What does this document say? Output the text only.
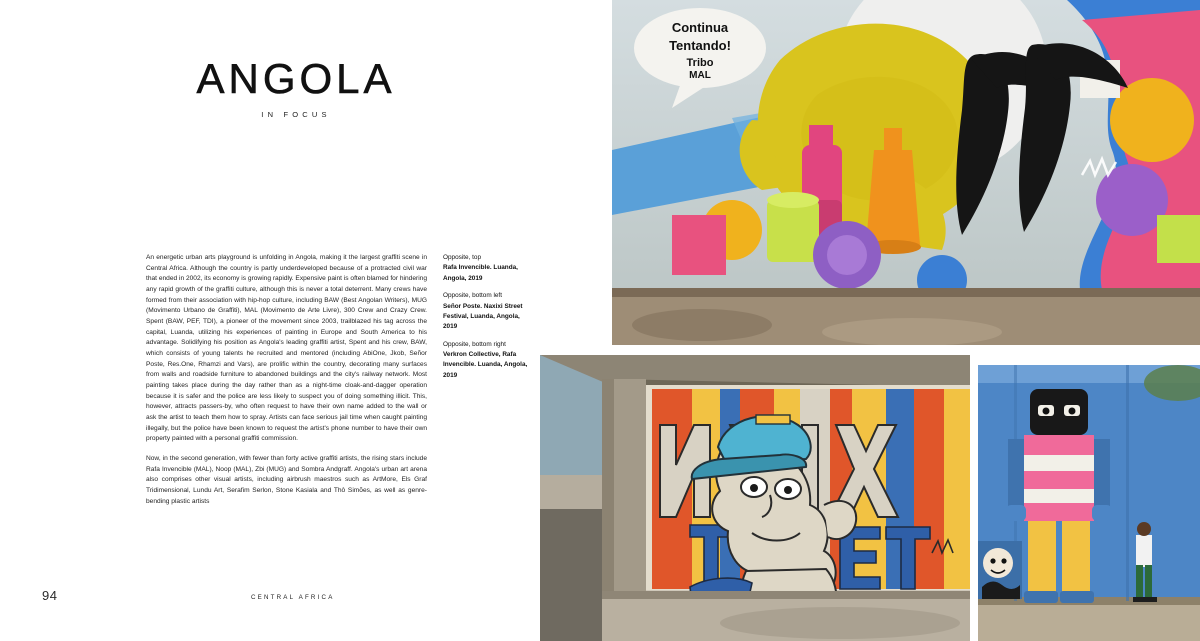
ANGOLA
IN FOCUS

An energetic urban arts playground is unfolding in Angola, making it the largest graffiti scene in Central Africa. Although the country is partly underdeveloped because of a protracted civil war that ended in 2002, its economy is growing rapidly. Expensive paint is often blamed for hindering any rapid growth of the graffiti culture, although this is never a total deterrent. Many crews have formed from their association with hip-hop culture, including BAW (Best Angolan Writers), MUG (Movimento Urbano de Graffiti), MAL (Movimento de Arte Livre), 300 Crew and Crazy Crew. Spent (BAW, PEF, TDI), a pioneer of the movement since 2003, trailblazed his tag across the capital, Luanda, utilizing his experiences of painting in Europe and South America to his advantage. Solidifying his position as Angola's leading graffiti artist, Spent and his crew, BAW, which consists of young talents he recruited and mentored (including AbiOne, Jkob, Señor Poste, Res.One, Rhamzi and Vars), are prolific within the country, decorating many surfaces from walls and roadside furniture to abandoned buildings and the city's railway network. Most painting takes place during the day rather than as a night-time cloak-and-dagger operation because it is safer and the police are less likely to suspect you of doing something illicit. This, however, attracts passers-by, who often request to have their own name added to the wall or ask the artist to teach them how to spray. Artists can face serious jail time when caught painting illegally, but the police have been known to request the artist's phone number to have their own property painted with a personal graffiti commission.

Now, in the second generation, with fewer than forty active graffiti artists, the rising stars include Rafa Invencible (MAL), Noop (MAL), Zbi (MUG) and Sombra Andgraff. Angola's urban art arena also comprises other visual artists, including airbrush maestros such as ArtMore, Els Graf Tridimensional, Lundu Art, Serafim Serlon, Stone Kasiala and Thô Simões, as well as genre-bending plastic artists

Opposite, top
Rafa Invencible. Luanda, Angola, 2019
Opposite, bottom left
Señor Poste. Naxixi Street Festival, Luanda, Angola, 2019
Opposite, bottom right
Verkron Collective, Rafa Invencible. Luanda, Angola, 2019
94	CENTRAL AFRICA
Continua
Tentando!
Tribo
MAL
